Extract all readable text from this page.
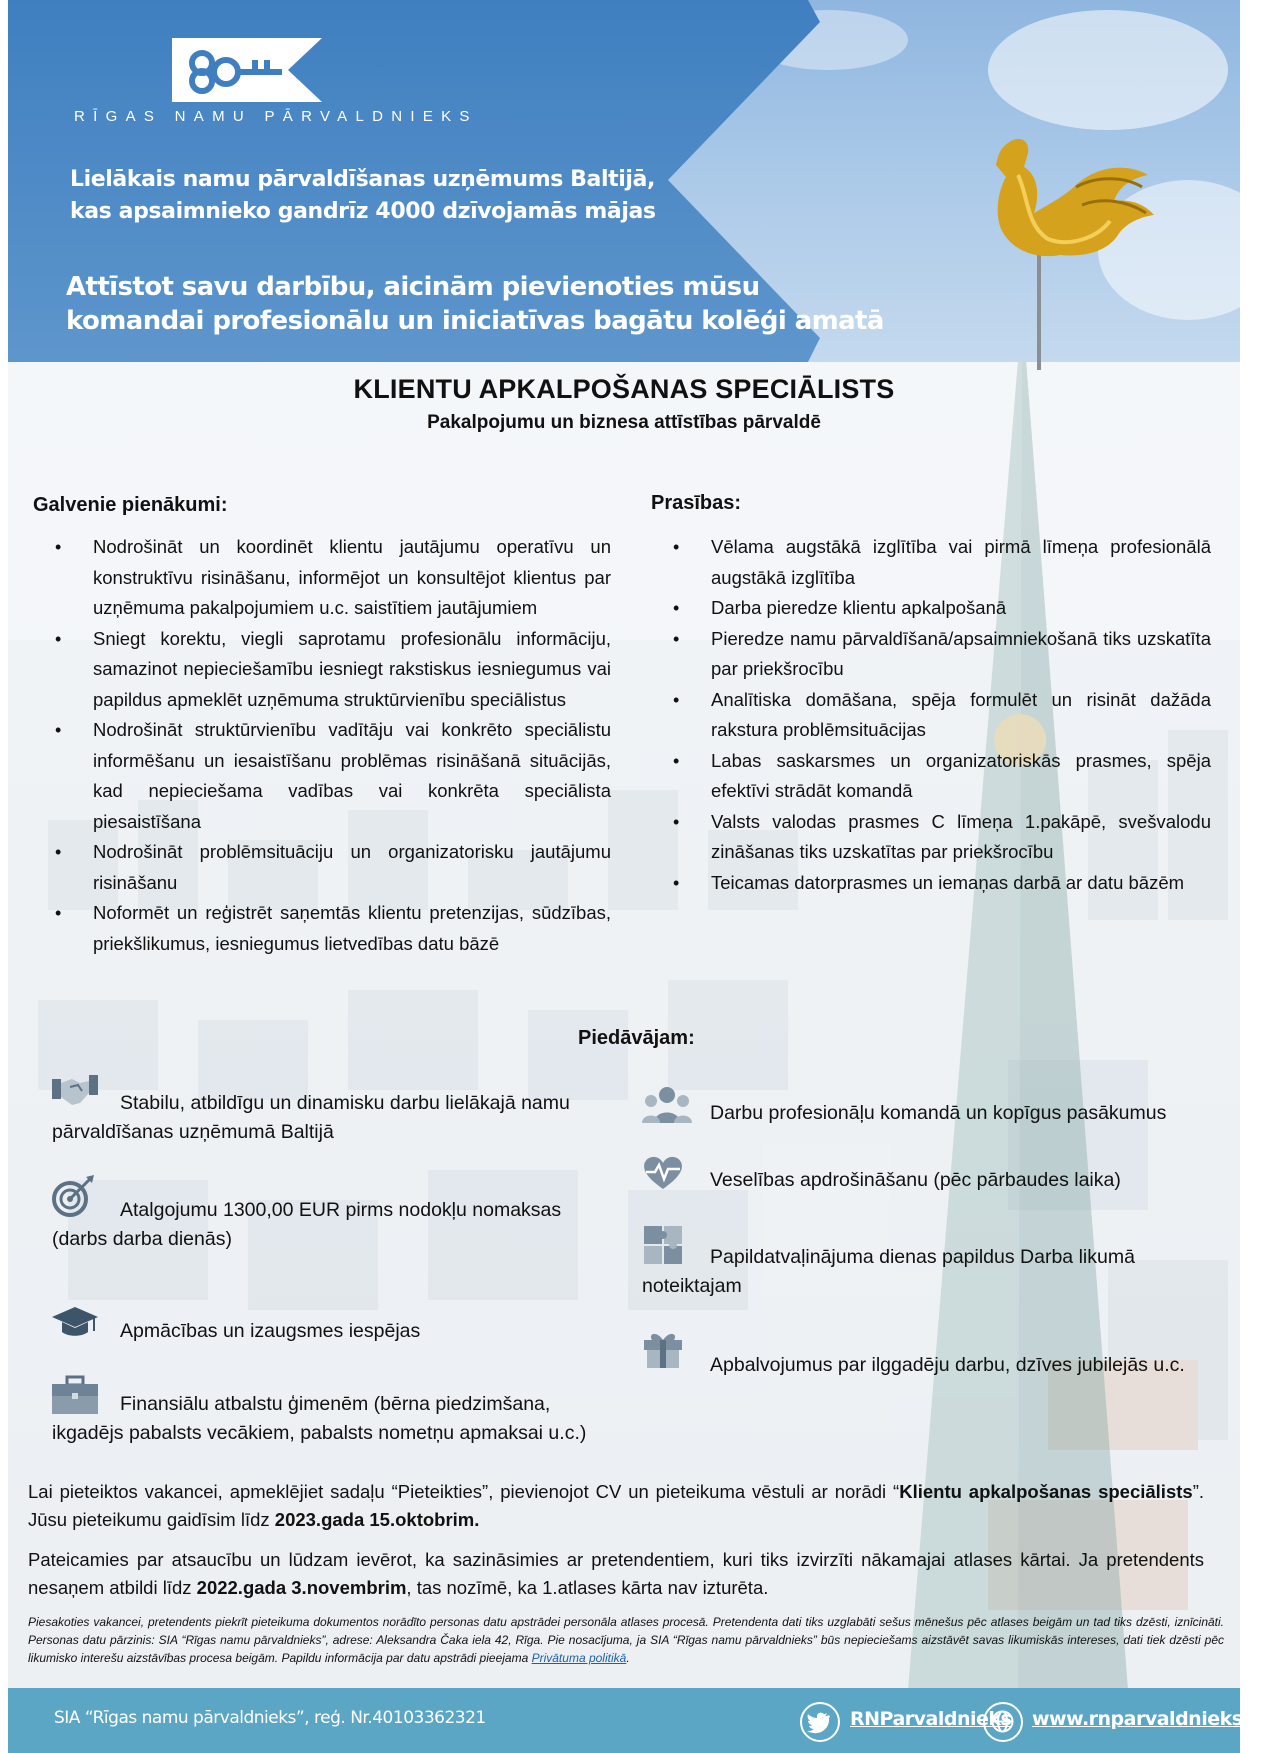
RĪGAS NAMU PĀRVALDNIEKS
Lielākais namu pārvaldīšanas uzņēmums Baltijā,
kas apsaimnieko gandrīz 4000 dzīvojamās mājas
Attīstot savu darbību, aicinām pievienoties mūsu
komandai profesionālu un iniciatīvas bagātu kolēģi amatā
KLIENTU APKALPOŠANAS SPECIĀLISTS
Pakalpojumu un biznesa attīstības pārvaldē
Galvenie pienākumi:
• Nodrošināt un koordinēt klientu jautājumu operatīvu un konstruktīvu risināšanu, informējot un konsultējot klientus par uzņēmuma pakalpojumiem u.c. saistītiem jautājumiem
• Sniegt korektu, viegli saprotamu profesionālu informāciju, samazinot nepieciešamību iesniegt rakstiskus iesniegumus vai papildus apmeklēt uzņēmuma struktūrvienību speciālistus
• Nodrošināt struktūrvienību vadītāju vai konkrēto speciālistu informēšanu un iesaistīšanu problēmas risināšanā situācijās, kad nepieciešama vadības vai konkrēta speciālista piesaistīšana
• Nodrošināt problēmsituāciju un organizatorisku jautājumu risināšanu
• Noformēt un reģistrēt saņemtās klientu pretenzijas, sūdzības, priekšlikumus, iesniegumus lietvedības datu bāzē
Prasības:
• Vēlama augstākā izglītība vai pirmā līmeņa profesionālā augstākā izglītība
• Darba pieredze klientu apkalpošanā
• Pieredze namu pārvaldīšanā/apsaimniekošanā tiks uzskatīta par priekšrocību
• Analītiska domāšana, spēja formulēt un risināt dažāda rakstura problēmsituācijas
• Labas saskarsmes un organizatoriskās prasmes, spēja efektīvi strādāt komandā
• Valsts valodas prasmes C līmeņa 1.pakāpē, svešvalodu zināšanas tiks uzskatītas par priekšrocību
• Teicamas datorprasmes un iemaņas darbā ar datu bāzēm
Piedāvājam:
Stabilu, atbildīgu un dinamisku darbu lielākajā namu
pārvaldīšanas uzņēmumā Baltijā
Atalgojumu 1300,00 EUR pirms nodokļu nomaksas
(darbs darba dienās)
Apmācības un izaugsmes iespējas
Finansiālu atbalstu ģimenēm (bērna piedzimšana,
ikgadējs pabalsts vecākiem, pabalsts nometņu apmaksai u.c.)
Darbu profesionāļu komandā un kopīgus pasākumus
Veselības apdrošināšanu (pēc pārbaudes laika)
Papildatvaļinājuma dienas papildus Darba likumā
noteiktajam
Apbalvojumus par ilggadēju darbu, dzīves jubilejās u.c.
Lai pieteiktos vakancei, apmeklējiet sadaļu “Pieteikties”, pievienojot CV un pieteikuma vēstuli ar norādi “Klientu apkalpošanas speciālists”. Jūsu pieteikumu gaidīsim līdz 2023.gada 15.oktobrim.
Pateicamies par atsaucību un lūdzam ievērot, ka sazināsimies ar pretendentiem, kuri tiks izvirzīti nākamajai atlases kārtai. Ja pretendents nesaņem atbildi līdz 2022.gada 3.novembrim, tas nozīmē, ka 1.atlases kārta nav izturēta.
Piesakoties vakancei, pretendents piekrīt pieteikuma dokumentos norādīto personas datu apstrādei personāla atlases procesā. Pretendenta dati tiks uzglabāti sešus mēnešus pēc atlases beigām un tad tiks dzēsti, iznīcināti. Personas datu pārzinis: SIA “Rīgas namu pārvaldnieks”, adrese: Aleksandra Čaka iela 42, Rīga. Pie nosacījuma, ja SIA “Rīgas namu pārvaldnieks” būs nepieciešams aizstāvēt savas likumiskās intereses, dati tiek dzēsti pēc likumisko interešu aizstāvības procesa beigām. Papildu informācija par datu apstrādi pieejama Privātuma politikā.
SIA “Rīgas namu pārvaldnieks”, reģ. Nr.40103362321	RNParvaldnieks www.rnparvaldnieks.lv
